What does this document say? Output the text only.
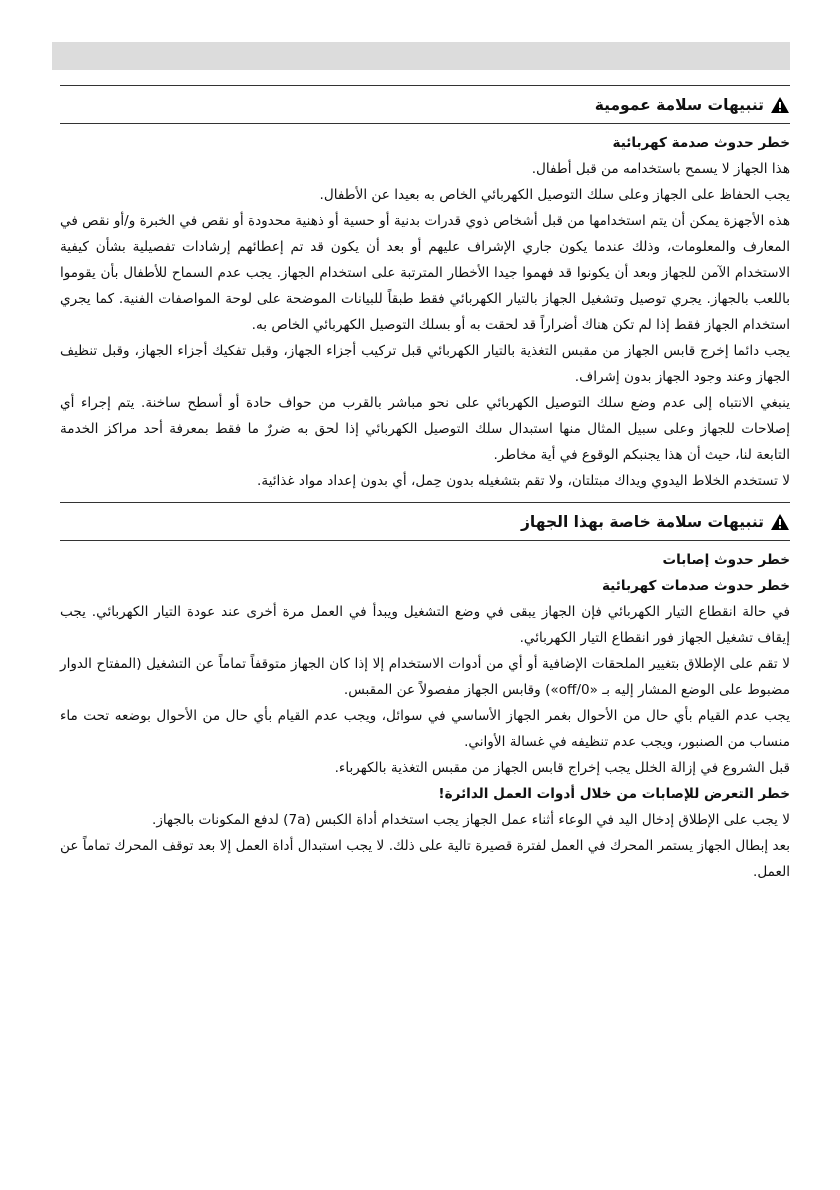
تنبيهات سلامة عمومية

خطر حدوث صدمة كهربائية

هذا الجهاز لا يسمح باستخدامه من قبل أطفال.

يجب الحفاظ على الجهاز وعلى سلك التوصيل الكهربائي الخاص به بعيدا عن الأطفال.

هذه الأجهزة يمكن أن يتم استخدامها من قبل أشخاص ذوي قدرات بدنية أو حسية أو ذهنية محدودة أو نقص في الخبرة و/أو نقص في المعارف والمعلومات، وذلك عندما يكون جاري الإشراف عليهم أو بعد أن يكون قد تم إعطائهم إرشادات تفصيلية بشأن كيفية الاستخدام الآمن للجهاز وبعد أن يكونوا قد فهموا جيدا الأخطار المترتبة على استخدام الجهاز. يجب عدم السماح للأطفال بأن يقوموا باللعب بالجهاز. يجري توصيل وتشغيل الجهاز بالتيار الكهربائي فقط طبقاً للبيانات الموضحة على لوحة المواصفات الفنية. كما يجري استخدام الجهاز فقط إذا لم تكن هناك أضراراً قد لحقت به أو بسلك التوصيل الكهربائي الخاص به.

يجب دائما إخرج قابس الجهاز من مقبس التغذية بالتيار الكهربائي قبل تركيب أجزاء الجهاز، وقبل تفكيك أجزاء الجهاز، وقبل تنظيف الجهاز وعند وجود الجهاز بدون إشراف.

ينبغي الانتباه إلى عدم وضع سلك التوصيل الكهربائي على نحو مباشر بالقرب من حواف حادة أو أسطح ساخنة. يتم إجراء أي إصلاحات للجهاز وعلى سبيل المثال منها استبدال سلك التوصيل الكهربائي إذا لحق به ضررٌ ما فقط بمعرفة أحد مراكز الخدمة التابعة لنا، حيث أن هذا يجنبكم الوقوع في أية مخاطر.

لا تستخدم الخلاط اليدوي ويداك مبتلتان، ولا تقم بتشغيله بدون حِمل، أي بدون إعداد مواد غذائية.

تنبيهات سلامة خاصة بهذا الجهاز

خطر حدوث إصابات

خطر حدوث صدمات كهربائية

في حالة انقطاع التيار الكهربائي فإن الجهاز يبقى في وضع التشغيل ويبدأ في العمل مرة أخرى عند عودة التيار الكهربائي. يجب إيقاف تشغيل الجهاز فور انقطاع التيار الكهربائي.

لا تقم على الإطلاق بتغيير الملحقات الإضافية أو أي من أدوات الاستخدام إلا إذا كان الجهاز متوقفاً تماماً عن التشغيل (المفتاح الدوار مضبوط على الوضع المشار إليه بـ «0/off») وقابس الجهاز مفصولاً عن المقبس.

يجب عدم القيام بأي حال من الأحوال بغمر الجهاز الأساسي في سوائل، ويجب عدم القيام بأي حال من الأحوال بوضعه تحت ماء منساب من الصنبور، ويجب عدم تنظيفه في غسالة الأواني.

قبل الشروع في إزالة الخلل يجب إخراج قابس الجهاز من مقبس التغذية بالكهرباء.

خطر التعرض للإصابات من خلال أدوات العمل الدائرة!

لا يجب على الإطلاق إدخال اليد في الوعاء أثناء عمل الجهاز يجب استخدام أداة الكبس (7a) لدفع المكونات بالجهاز.

بعد إبطال الجهاز يستمر المحرك في العمل لفترة قصيرة تالية على ذلك. لا يجب استبدال أداة العمل إلا بعد توقف المحرك تماماً عن العمل.
